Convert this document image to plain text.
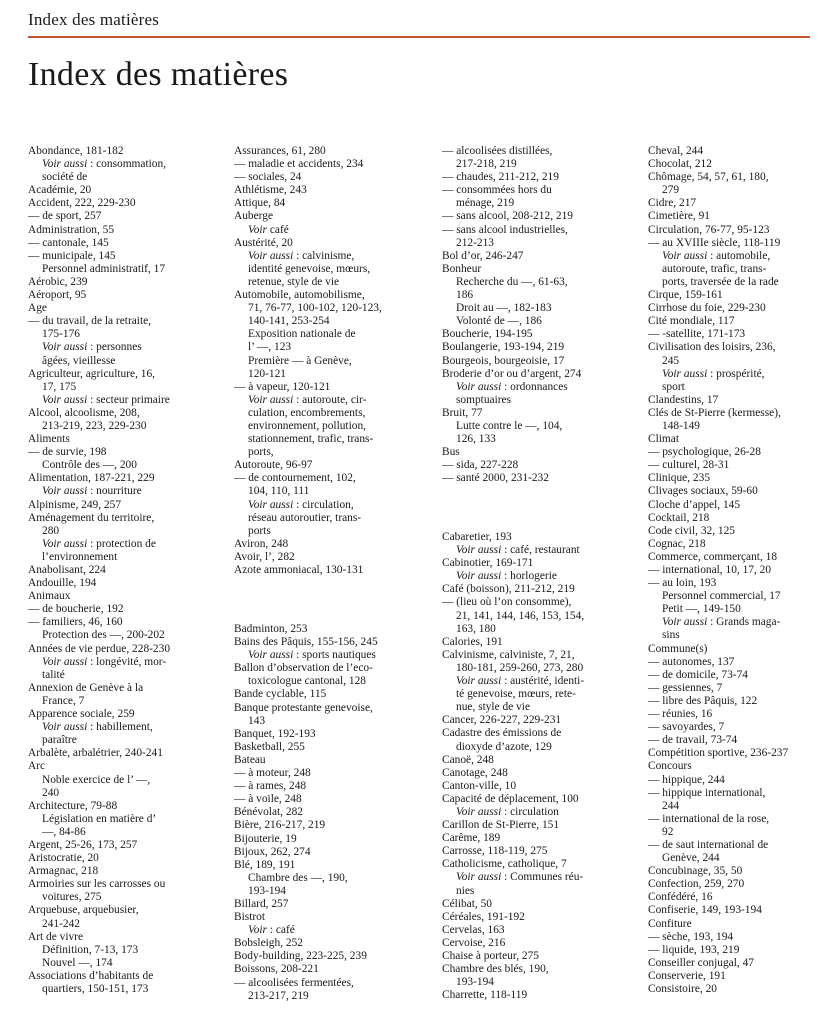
Index des matières
Index des matières
Abondance, 181-182
Voir aussi : consommation,
société de
Académie, 20
Accident, 222, 229-230
— de sport, 257
Administration, 55
— cantonale, 145
— municipale, 145
Personnel administratif, 17
Aérobic, 239
Aéroport, 95
Age
— du travail, de la retraite,
175-176
Voir aussi : personnes
âgées, vieillesse
Agriculteur, agriculture, 16,
17, 175
Voir aussi : secteur primaire
Alcool, alcoolisme, 208,
213-219, 223, 229-230
Aliments
— de survie, 198
Contrôle des —, 200
Alimentation, 187-221, 229
Voir aussi : nourriture
Alpinisme, 249, 257
Aménagement du territoire,
280
Voir aussi : protection de
l’environnement
Anabolisant, 224
Andouille, 194
Animaux
— de boucherie, 192
— familiers, 46, 160
Protection des —, 200-202
Années de vie perdue, 228-230
Voir aussi : longévité, mor-
talité
Annexion de Genève à la
France, 7
Apparence sociale, 259
Voir aussi : habillement,
paraître
Arbalète, arbalétrier, 240-241
Arc
Noble exercice de l’ —,
240
Architecture, 79-88
Législation en matière d’
—, 84-86
Argent, 25-26, 173, 257
Aristocratie, 20
Armagnac, 218
Armoiries sur les carrosses ou
voitures, 275
Arquebuse, arquebusier,
241-242
Art de vivre
Définition, 7-13, 173
Nouvel —, 174
Associations d’habitants de
quartiers, 150-151, 173
Assurances, 61, 280
— maladie et accidents, 234
— sociales, 24
Athlétisme, 243
Attique, 84
Auberge
Voir café
Austérité, 20
Voir aussi : calvinisme,
identité genevoise, mœurs,
retenue, style de vie
Automobile, automobilisme,
71, 76-77, 100-102, 120-123,
140-141, 253-254
Exposition nationale de
l’ —, 123
Première — à Genève,
120-121
— à vapeur, 120-121
Voir aussi : autoroute, cir-
culation, encombrements,
environnement, pollution,
stationnement, trafic, trans-
ports,
Autoroute, 96-97
— de contournement, 102,
104, 110, 111
Voir aussi : circulation,
réseau autoroutier, trans-
ports
Aviron, 248
Avoir, l’, 282
Azote ammoniacal, 130-131
Badminton, 253
Bains des Pâquis, 155-156, 245
Voir aussi : sports nautiques
Ballon d’observation de l’eco-
toxicologue cantonal, 128
Bande cyclable, 115
Banque protestante genevoise,
143
Banquet, 192-193
Basketball, 255
Bateau
— à moteur, 248
— à rames, 248
— à voile, 248
Bénévolat, 282
Bière, 216-217, 219
Bijouterie, 19
Bijoux, 262, 274
Blé, 189, 191
Chambre des —, 190,
193-194
Billard, 257
Bistrot
Voir : café
Bobsleigh, 252
Body-building, 223-225, 239
Boissons, 208-221
— alcoolisées fermentées,
213-217, 219
— alcoolisées distillées,
217-218, 219
— chaudes, 211-212, 219
— consommées hors du
ménage, 219
— sans alcool, 208-212, 219
— sans alcool industrielles,
212-213
Bol d’or, 246-247
Bonheur
Recherche du —, 61-63,
186
Droit au —, 182-183
Volonté de —, 186
Boucherie, 194-195
Boulangerie, 193-194, 219
Bourgeois, bourgeoisie, 17
Broderie d’or ou d’argent, 274
Voir aussi : ordonnances
somptuaires
Bruit, 77
Lutte contre le —, 104,
126, 133
Bus
— sida, 227-228
— santé 2000, 231-232
Cabaretier, 193
Voir aussi : café, restaurant
Cabinotier, 169-171
Voir aussi : horlogerie
Café (boisson), 211-212, 219
— (lieu où l’on consomme),
21, 141, 144, 146, 153, 154,
163, 180
Calories, 191
Calvinisme, calviniste, 7, 21,
180-181, 259-260, 273, 280
Voir aussi : austérité, identi-
té genevoise, mœurs, rete-
nue, style de vie
Cancer, 226-227, 229-231
Cadastre des émissions de
dioxyde d’azote, 129
Canoë, 248
Canotage, 248
Canton-ville, 10
Capacité de déplacement, 100
Voir aussi : circulation
Carillon de St-Pierre, 151
Carême, 189
Carrosse, 118-119, 275
Catholicisme, catholique, 7
Voir aussi : Communes réu-
nies
Célibat, 50
Céréales, 191-192
Cervelas, 163
Cervoise, 216
Chaise à porteur, 275
Chambre des blés, 190,
193-194
Charrette, 118-119
Cheval, 244
Chocolat, 212
Chômage, 54, 57, 61, 180,
279
Cidre, 217
Cimetière, 91
Circulation, 76-77, 95-123
— au XVIIIe siècle, 118-119
Voir aussi : automobile,
autoroute, trafic, trans-
ports, traversée de la rade
Cirque, 159-161
Cirrhose du foie, 229-230
Cité mondiale, 117
— -satellite, 171-173
Civilisation des loisirs, 236,
245
Voir aussi : prospérité,
sport
Clandestins, 17
Clés de St-Pierre (kermesse),
148-149
Climat
— psychologique, 26-28
— culturel, 28-31
Clinique, 235
Clivages sociaux, 59-60
Cloche d’appel, 145
Cocktail, 218
Code civil, 32, 125
Cognac, 218
Commerce, commerçant, 18
— international, 10, 17, 20
— au loin, 193
Personnel commercial, 17
Petit —, 149-150
Voir aussi : Grands maga-
sins
Commune(s)
— autonomes, 137
— de domicile, 73-74
— gessiennes, 7
— libre des Pâquis, 122
— réunies, 16
— savoyardes, 7
— de travail, 73-74
Compétition sportive, 236-237
Concours
— hippique, 244
— hippique international,
244
— international de la rose,
92
— de saut international de
Genève, 244
Concubinage, 35, 50
Confection, 259, 270
Confédéré, 16
Confiserie, 149, 193-194
Confiture
— sèche, 193, 194
— liquide, 193, 219
Conseiller conjugal, 47
Conserverie, 191
Consistoire, 20
